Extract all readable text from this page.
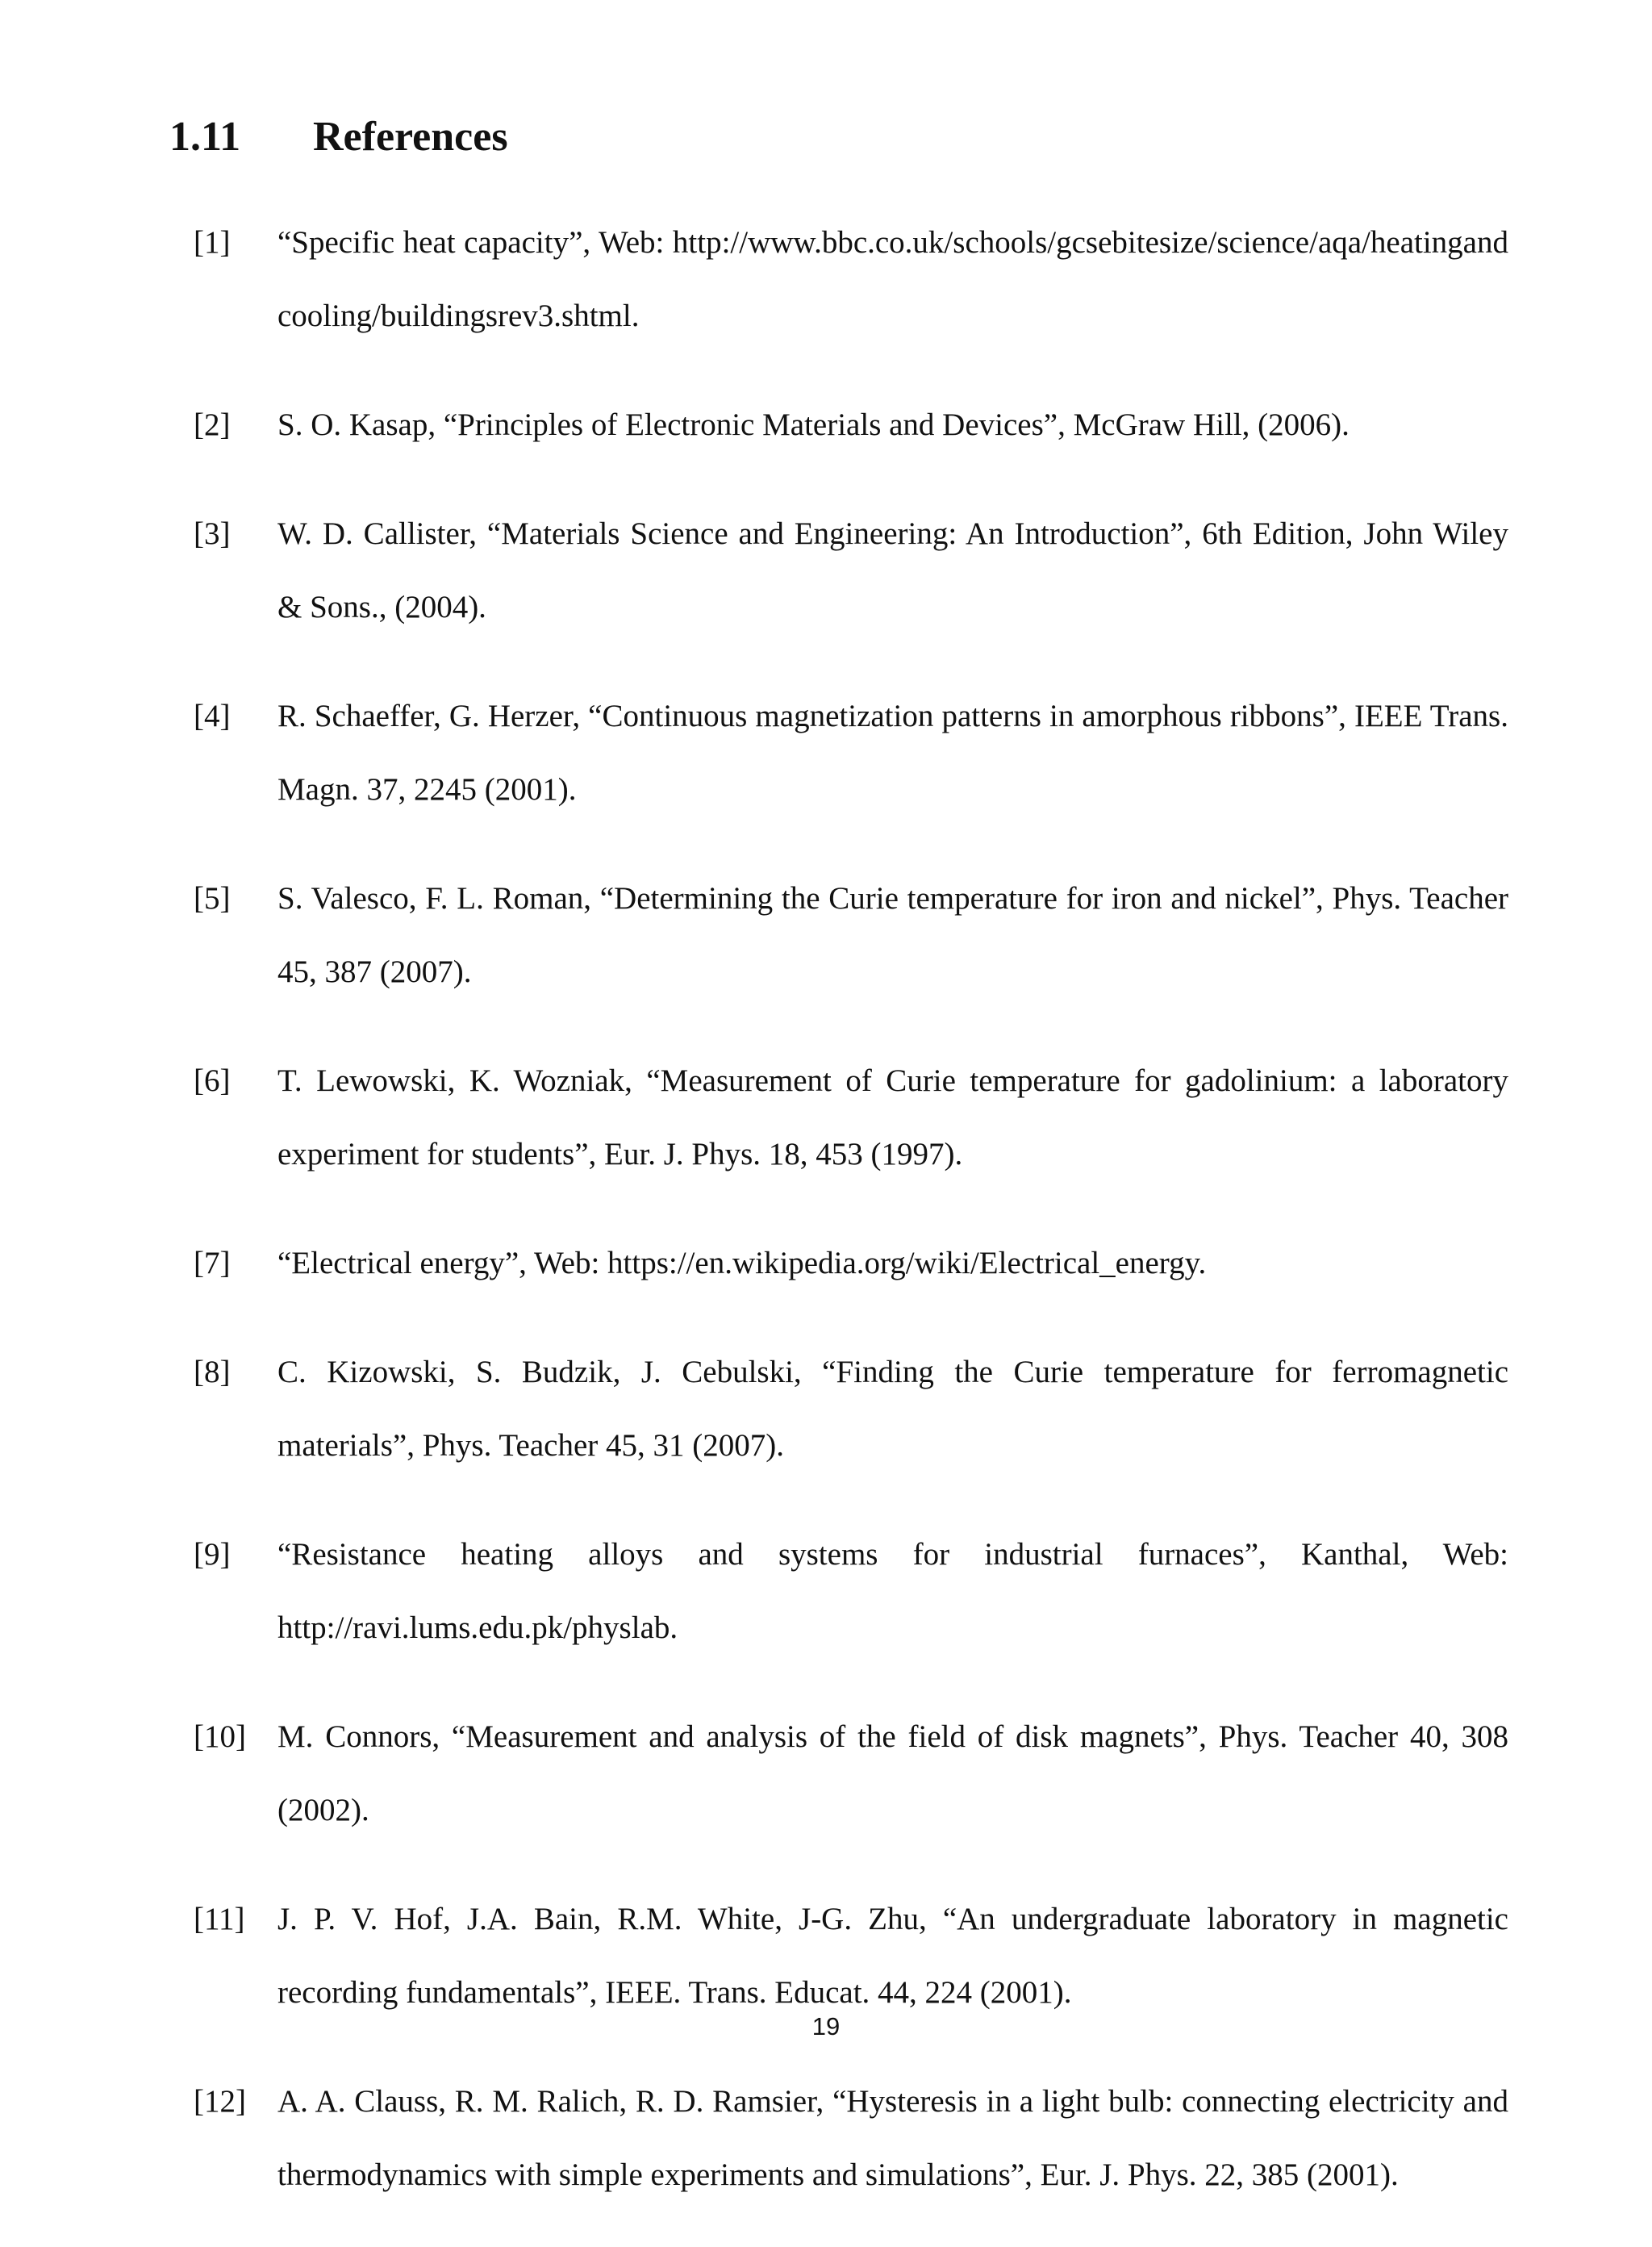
1.11 References
[1] “Specific heat capacity”, Web: http://www.bbc.co.uk/schools/gcsebitesize/science/aqa/heatingandcooling/buildingsrev3.shtml.
[2] S. O. Kasap, “Principles of Electronic Materials and Devices”, McGraw Hill, (2006).
[3] W. D. Callister, “Materials Science and Engineering: An Introduction”, 6th Edition, John Wiley & Sons., (2004).
[4] R. Schaeffer, G. Herzer, “Continuous magnetization patterns in amorphous ribbons”, IEEE Trans. Magn. 37, 2245 (2001).
[5] S. Valesco, F. L. Roman, “Determining the Curie temperature for iron and nickel”, Phys. Teacher 45, 387 (2007).
[6] T. Lewowski, K. Wozniak, “Measurement of Curie temperature for gadolinium: a laboratory experiment for students”, Eur. J. Phys. 18, 453 (1997).
[7] “Electrical energy”, Web: https://en.wikipedia.org/wiki/Electrical_energy.
[8] C. Kizowski, S. Budzik, J. Cebulski, “Finding the Curie temperature for ferromagnetic materials”, Phys. Teacher 45, 31 (2007).
[9] “Resistance heating alloys and systems for industrial furnaces”, Kanthal, Web: http://ravi.lums.edu.pk/physlab.
[10] M. Connors, “Measurement and analysis of the field of disk magnets”, Phys. Teacher 40, 308 (2002).
[11] J. P. V. Hof, J.A. Bain, R.M. White, J-G. Zhu, “An undergraduate laboratory in magnetic recording fundamentals”, IEEE. Trans. Educat. 44, 224 (2001).
[12] A. A. Clauss, R. M. Ralich, R. D. Ramsier, “Hysteresis in a light bulb: connecting electricity and thermodynamics with simple experiments and simulations”, Eur. J. Phys. 22, 385 (2001).
19
